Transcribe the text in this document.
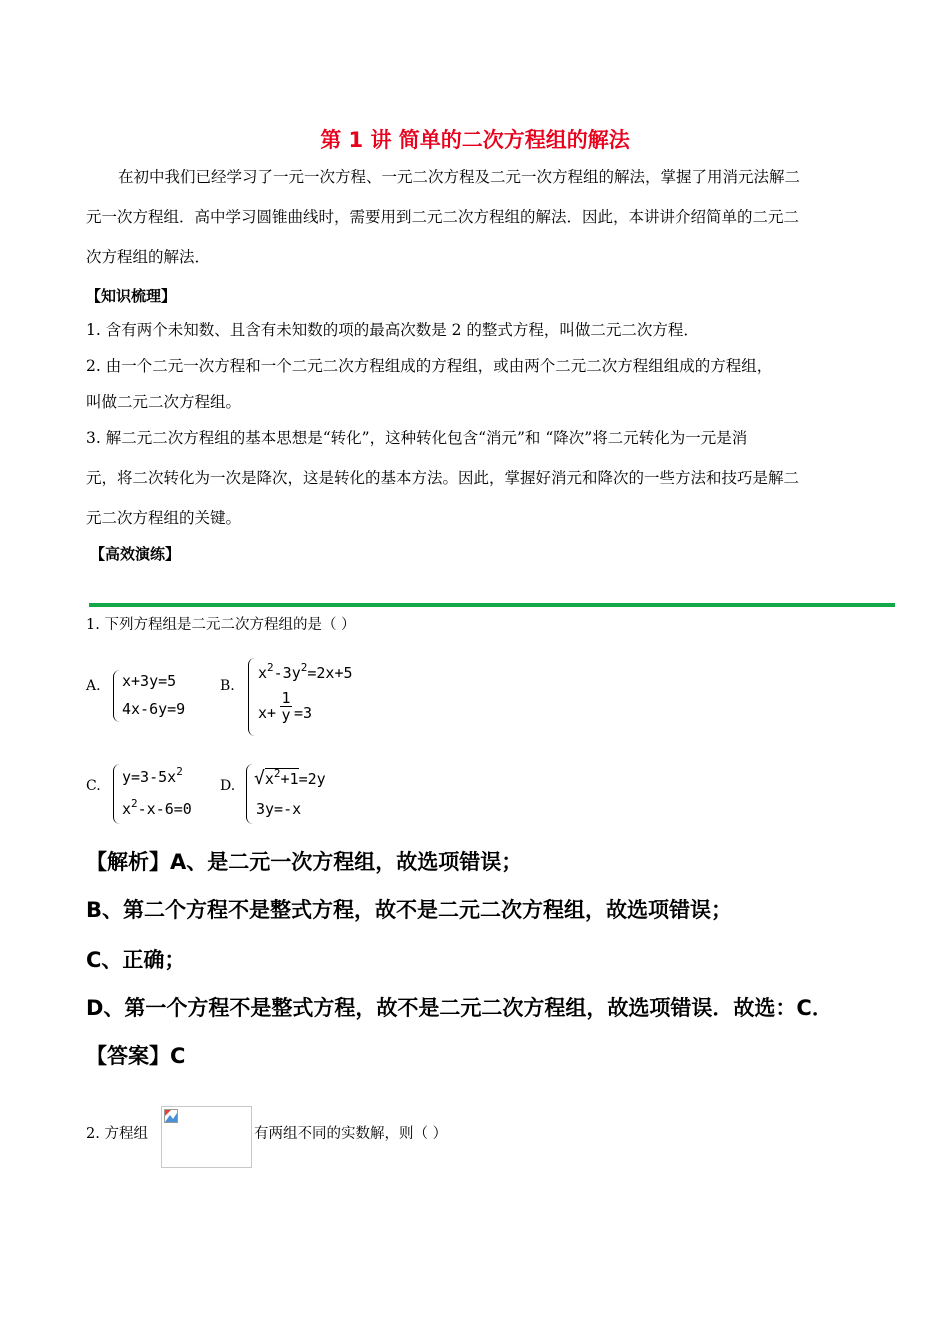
第 1 讲 简单的二次方程组的解法
在初中我们已经学习了一元一次方程、一元二次方程及二元一次方程组的解法，掌握了用消元法解二
元一次方程组．高中学习圆锥曲线时，需要用到二元二次方程组的解法．因此，本讲讲介绍简单的二元二
次方程组的解法．
【知识梳理】
1. 含有两个未知数、且含有未知数的项的最高次数是 2 的整式方程，叫做二元二次方程．
2. 由一个二元一次方程和一个二元二次方程组成的方程组，或由两个二元二次方程组组成的方程组，
叫做二元二次方程组。
3. 解二元二次方程组的基本思想是“转化”，这种转化包含“消元”和 “降次”将二元转化为一元是消
元，将二次转化为一次是降次，这是转化的基本方法。因此，掌握好消元和降次的一些方法和技巧是解二
元二次方程组的关键。
【高效演练】
1. 下列方程组是二元二次方程组的是（ ）
A. x+3y=5
4x-6y=9
B.
$x^2-3y^2=2x+5$
x+
1
y =3
C. $y=3-5x^2$
$x^2-x-6=0$
D. $√x^2+1=2y$
3y=-x
【解析】A、是二元一次方程组，故选项错误；
B、第二个方程不是整式方程，故不是二元二次方程组，故选项错误；
C、正确；
D、第一个方程不是整式方程，故不是二元二次方程组，故选项错误．故选：C．
【答案】C
2. 方程组	有两组不同的实数解，则（ ）
